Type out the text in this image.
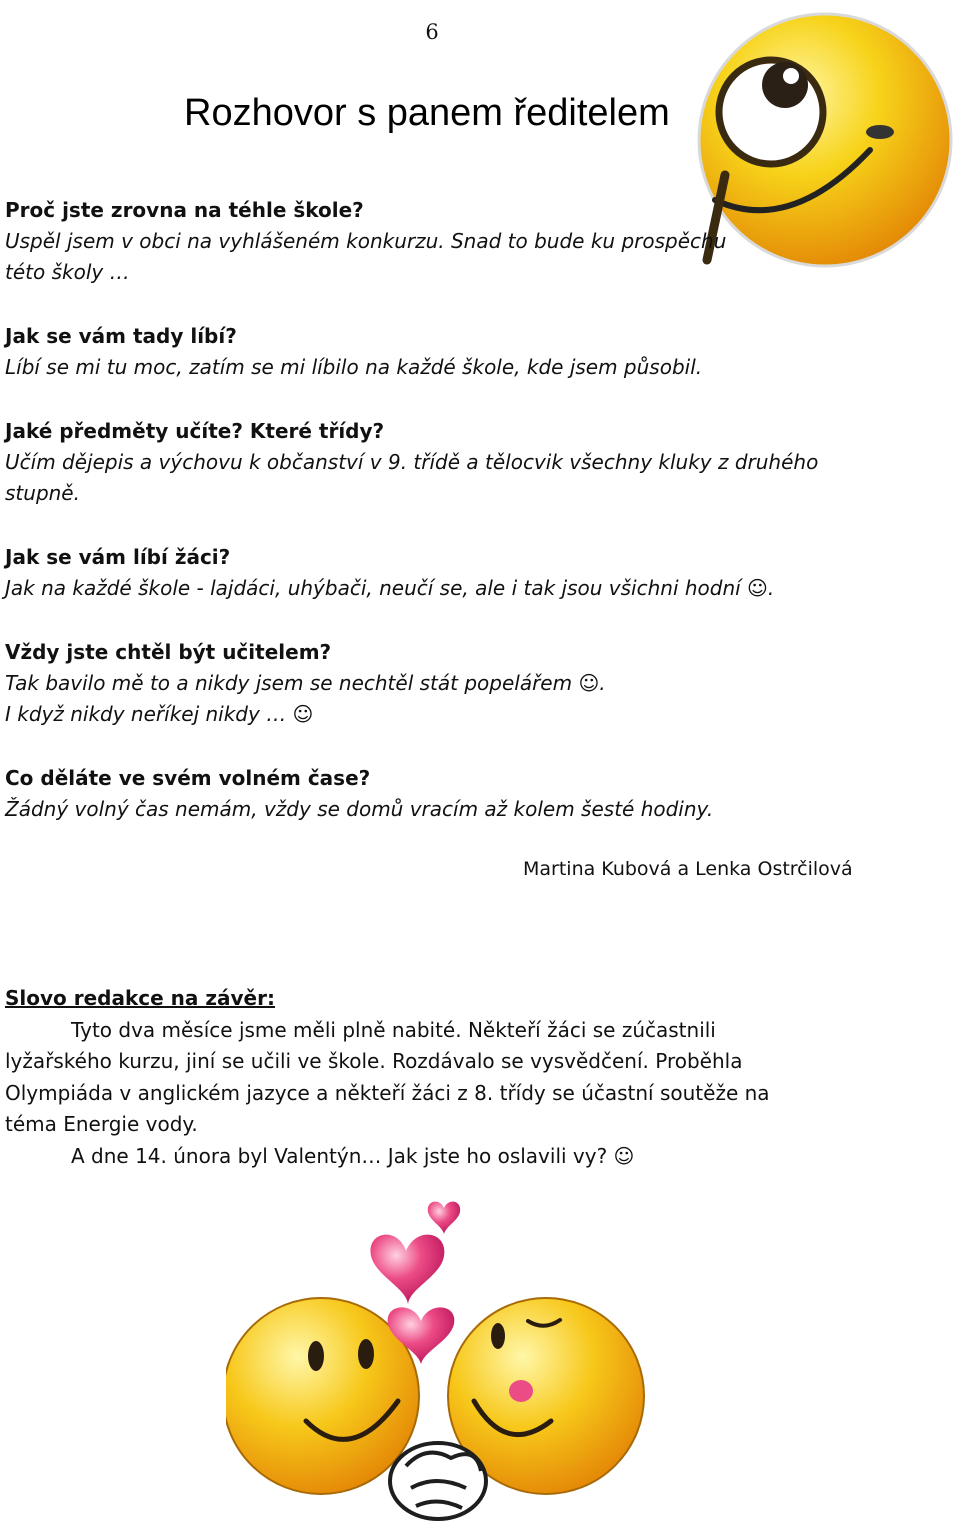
6
Rozhovor s panem ředitelem
Proč jste zrovna na téhle škole?
Uspěl jsem v obci na vyhlášeném konkurzu. Snad to bude ku prospěchu
této školy …
Jak se vám tady líbí?
Líbí se mi tu moc, zatím se mi líbilo na každé škole, kde jsem působil.
Jaké předměty učíte? Které třídy?
Učím dějepis a výchovu k občanství v 9. třídě a tělocvik všechny kluky z druhého
stupně.
Jak se vám líbí žáci?
Jak na každé škole - lajdáci, uhýbači, neučí se, ale i tak jsou všichni hodní ☺.
Vždy jste chtěl být učitelem?
Tak bavilo mě to a nikdy jsem se nechtěl stát popelářem ☺.
I když nikdy neříkej nikdy … ☺
Co děláte ve svém volném čase?
Žádný volný čas nemám, vždy se domů vracím až kolem šesté hodiny.
Martina Kubová a Lenka Ostrčilová
Slovo redakce na závěr:
Tyto dva měsíce jsme měli plně nabité. Někteří žáci se zúčastnili
lyžařského kurzu, jiní se učili ve škole. Rozdávalo se vysvědčení. Proběhla
Olympiáda v anglickém jazyce a někteří žáci z 8. třídy se účastní soutěže na
téma Energie vody.
A dne 14. února byl Valentýn… Jak jste ho oslavili vy? ☺
